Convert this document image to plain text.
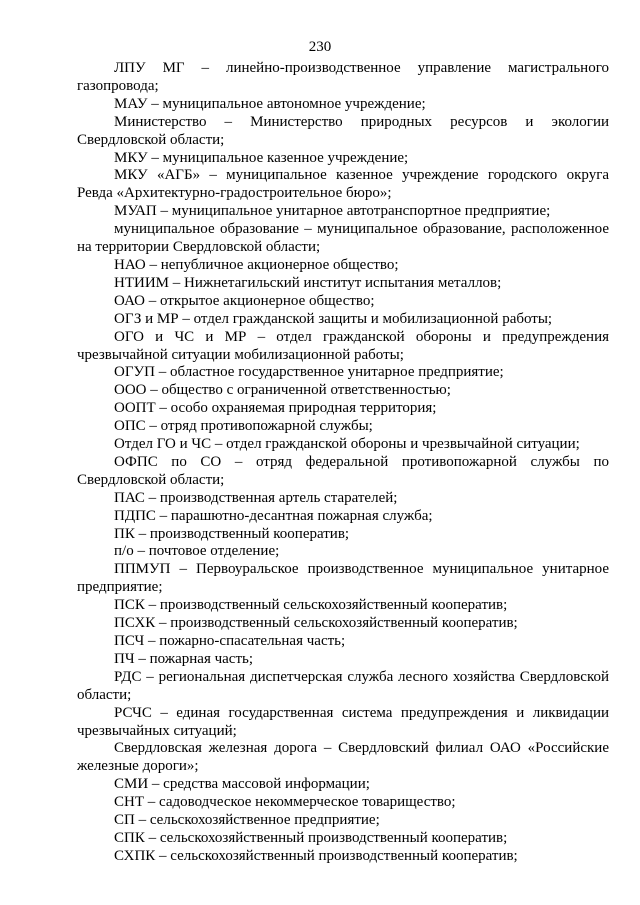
230

ЛПУ МГ – линейно-производственное управление магистрального газопровода;

МАУ – муниципальное автономное учреждение;

Министерство – Министерство природных ресурсов и экологии Свердловской области;

МКУ – муниципальное казенное учреждение;

МКУ «АГБ» – муниципальное казенное учреждение городского округа Ревда «Архитектурно-градостроительное бюро»;

МУАП – муниципальное унитарное автотранспортное предприятие;

муниципальное образование – муниципальное образование, расположенное на территории Свердловской области;

НАО – непубличное акционерное общество;

НТИИМ – Нижнетагильский институт испытания металлов;

ОАО – открытое акционерное общество;

ОГЗ и МР – отдел гражданской защиты и мобилизационной работы;

ОГО и ЧС и МР – отдел гражданской обороны и предупреждения чрезвычайной ситуации мобилизационной работы;

ОГУП – областное государственное унитарное предприятие;

ООО – общество с ограниченной ответственностью;

ООПТ – особо охраняемая природная территория;

ОПС – отряд противопожарной службы;

Отдел ГО и ЧС – отдел гражданской обороны и чрезвычайной ситуации;

ОФПС по СО – отряд федеральной противопожарной службы по Свердловской области;

ПАС – производственная артель старателей;

ПДПС – парашютно-десантная пожарная служба;

ПК – производственный кооператив;

п/о – почтовое отделение;

ППМУП – Первоуральское производственное муниципальное унитарное предприятие;

ПСК – производственный сельскохозяйственный кооператив;

ПСХК – производственный сельскохозяйственный кооператив;

ПСЧ – пожарно-спасательная часть;

ПЧ – пожарная часть;

РДС – региональная диспетчерская служба лесного хозяйства Свердловской области;

РСЧС – единая государственная система предупреждения и ликвидации чрезвычайных ситуаций;

Свердловская железная дорога – Свердловский филиал ОАО «Российские железные дороги»;

СМИ – средства массовой информации;

СНТ – садоводческое некоммерческое товарищество;

СП – сельскохозяйственное предприятие;

СПК – сельскохозяйственный производственный кооператив;

СХПК – сельскохозяйственный производственный кооператив;
